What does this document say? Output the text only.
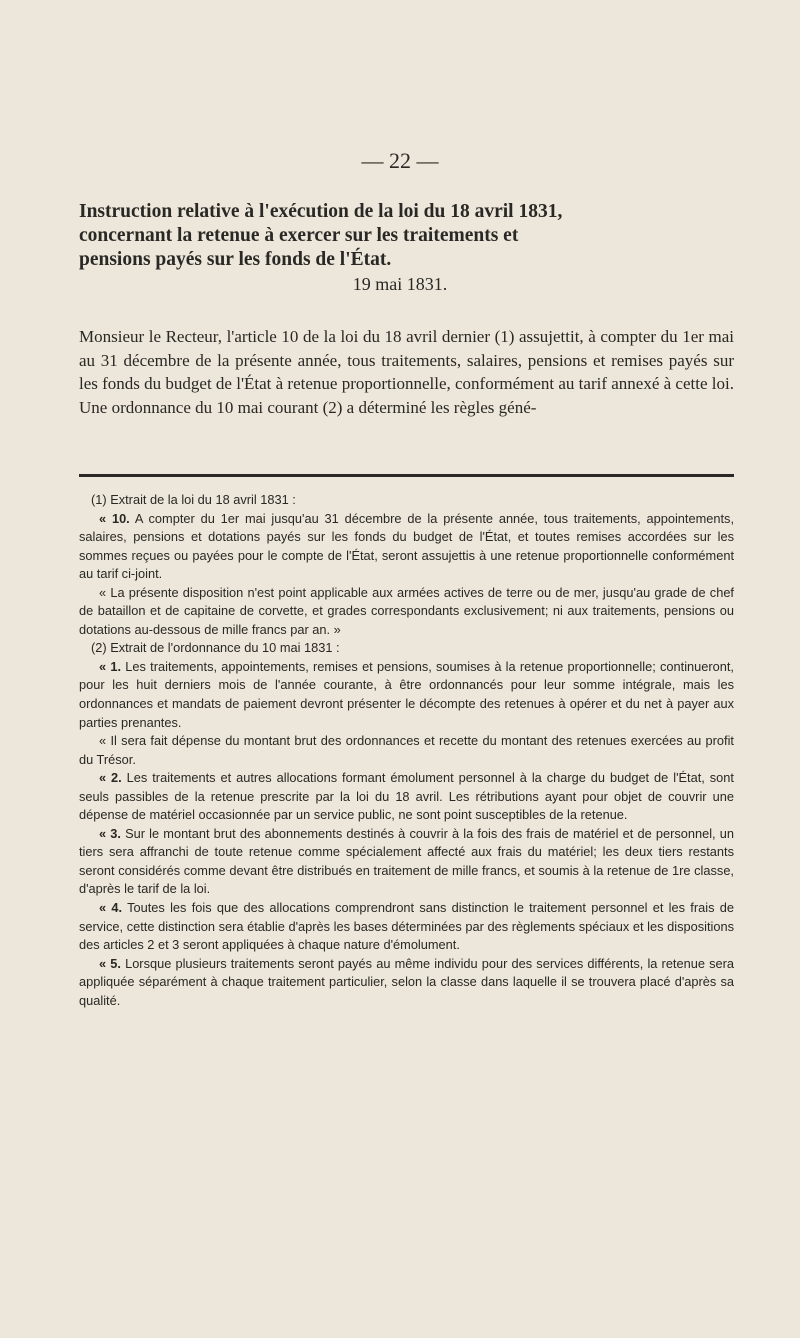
— 22 —
Instruction relative à l'exécution de la loi du 18 avril 1831,
concernant la retenue à exercer sur les traitements et
pensions payés sur les fonds de l'État.
19 mai 1831.

Monsieur le Recteur, l'article 10 de la loi du 18 avril dernier (1) assujettit, à compter du 1er mai au 31 décembre de la présente année, tous traitements, salaires, pensions et remises payés sur les fonds du budget de l'État à retenue proportionnelle, conformément au tarif annexé à cette loi.

Une ordonnance du 10 mai courant (2) a déterminé les règles géné-

(1) Extrait de la loi du 18 avril 1831 :

« 10. A compter du 1er mai jusqu'au 31 décembre de la présente année, tous traitements, appointements, salaires, pensions et dotations payés sur les fonds du budget de l'État, et toutes remises accordées sur les sommes reçues ou payées pour le compte de l'État, seront assujettis à une retenue proportionnelle conformément au tarif ci-joint.

« La présente disposition n'est point applicable aux armées actives de terre ou de mer, jusqu'au grade de chef de bataillon et de capitaine de corvette, et grades correspondants exclusivement; ni aux traitements, pensions ou dotations au-dessous de mille francs par an. »

(2) Extrait de l'ordonnance du 10 mai 1831 :

« 1. Les traitements, appointements, remises et pensions, soumises à la retenue proportionnelle; continueront, pour les huit derniers mois de l'année courante, à être ordonnancés pour leur somme intégrale, mais les ordonnances et mandats de paiement devront présenter le décompte des retenues à opérer et du net à payer aux parties prenantes.

« Il sera fait dépense du montant brut des ordonnances et recette du montant des retenues exercées au profit du Trésor.

« 2. Les traitements et autres allocations formant émolument personnel à la charge du budget de l'État, sont seuls passibles de la retenue prescrite par la loi du 18 avril. Les rétributions ayant pour objet de couvrir une dépense de matériel occasionnée par un service public, ne sont point susceptibles de la retenue.

« 3. Sur le montant brut des abonnements destinés à couvrir à la fois des frais de matériel et de personnel, un tiers sera affranchi de toute retenue comme spécialement affecté aux frais du matériel; les deux tiers restants seront considérés comme devant être distribués en traitement de mille francs, et soumis à la retenue de 1re classe, d'après le tarif de la loi.

« 4. Toutes les fois que des allocations comprendront sans distinction le traitement personnel et les frais de service, cette distinction sera établie d'après les bases déterminées par des règlements spéciaux et les dispositions des articles 2 et 3 seront appliquées à chaque nature d'émolument.

« 5. Lorsque plusieurs traitements seront payés au même individu pour des services différents, la retenue sera appliquée séparément à chaque traitement particulier, selon la classe dans laquelle il se trouvera placé d'après sa qualité.
